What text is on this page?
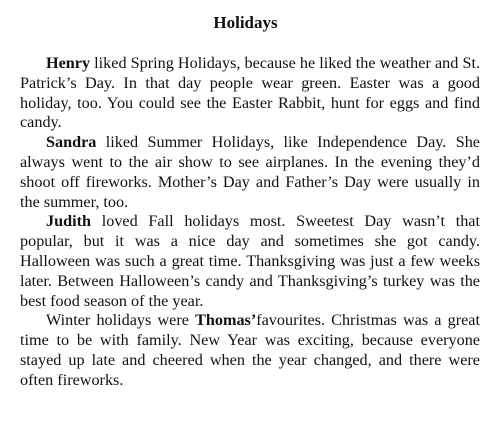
Holidays

Henry liked Spring Holidays, because he liked the weather and St. Patrick’s Day. In that day people wear green. Easter was a good holiday, too. You could see the Easter Rabbit, hunt for eggs and find candy.

Sandra liked Summer Holidays, like Independence Day. She always went to the air show to see airplanes. In the evening they’d shoot off fireworks. Mother’s Day and Father’s Day were usually in the summer, too.

Judith loved Fall holidays most. Sweetest Day wasn’t that popular, but it was a nice day and sometimes she got candy. Halloween was such a great time. Thanksgiving was just a few weeks later. Between Halloween’s candy and Thanksgiving’s turkey was the best food season of the year.

Winter holidays were Thomas’favourites. Christmas was a great time to be with family. New Year was exciting, because everyone stayed up late and cheered when the year changed, and there were often fireworks.
